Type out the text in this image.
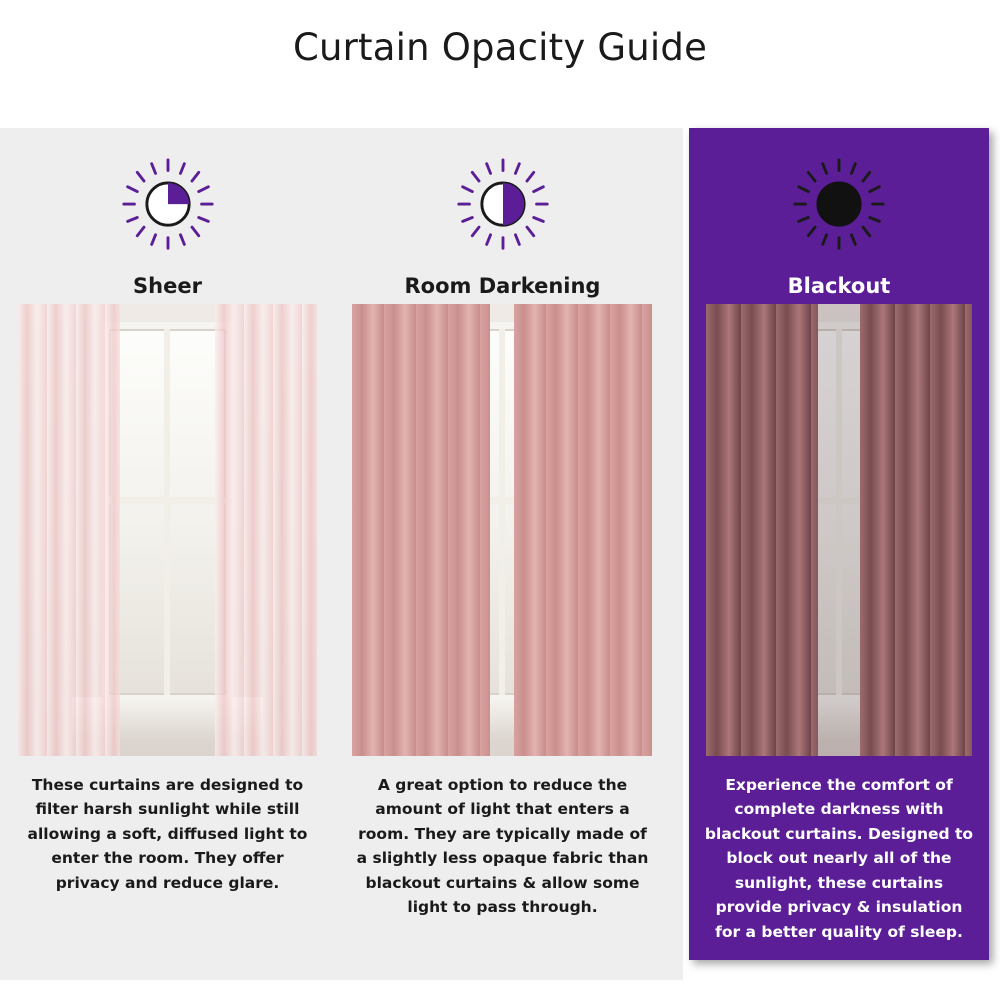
Curtain Opacity Guide
Sheer
These curtains are designed to filter harsh sunlight while still allowing a soft, diffused light to enter the room. They offer privacy and reduce glare.
Room Darkening
A great option to reduce the amount of light that enters a room. They are typically made of a slightly less opaque fabric than blackout curtains & allow some light to pass through.
Blackout
Experience the comfort of complete darkness with blackout curtains. Designed to block out nearly all of the sunlight, these curtains provide privacy & insulation for a better quality of sleep.
